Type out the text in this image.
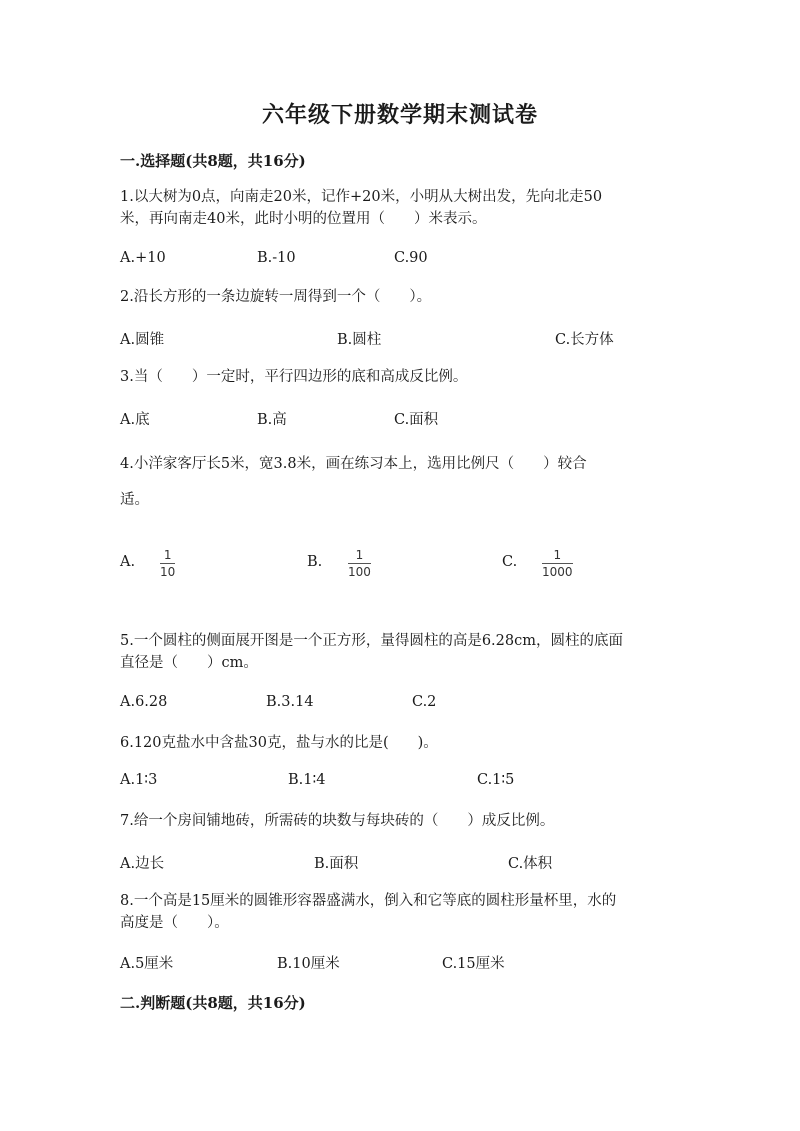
六年级下册数学期末测试卷
一.选择题(共8题，共16分)
1.以大树为0点，向南走20米，记作+20米，小明从大树出发，先向北走50
米，再向南走40米，此时小明的位置用（　　）米表示。
A.+10	B.-10	C.90
2.沿长方形的一条边旋转一周得到一个（　　）。
A.圆锥	B.圆柱	C.长方体
3.当（　　）一定时，平行四边形的底和高成反比例。
A.底	B.高	C.面积
4.小洋家客厅长5米，宽3.8米，画在练习本上，选用比例尺（　　）较合
适。
A. 1
10
B.	1
100
C.	1
1000
5.一个圆柱的侧面展开图是一个正方形，量得圆柱的高是6.28cm，圆柱的底面
直径是（　　）cm。
A.6.28	B.3.14	C.2
6.120克盐水中含盐30克，盐与水的比是(　　)。
A.1∶3	B.1∶4	C.1∶5
7.给一个房间铺地砖，所需砖的块数与每块砖的（　　）成反比例。
A.边长	B.面积	C.体积
8.一个高是15厘米的圆锥形容器盛满水，倒入和它等底的圆柱形量杯里，水的
高度是（　　）。
A.5厘米	B.10厘米	C.15厘米
二.判断题(共8题，共16分)
